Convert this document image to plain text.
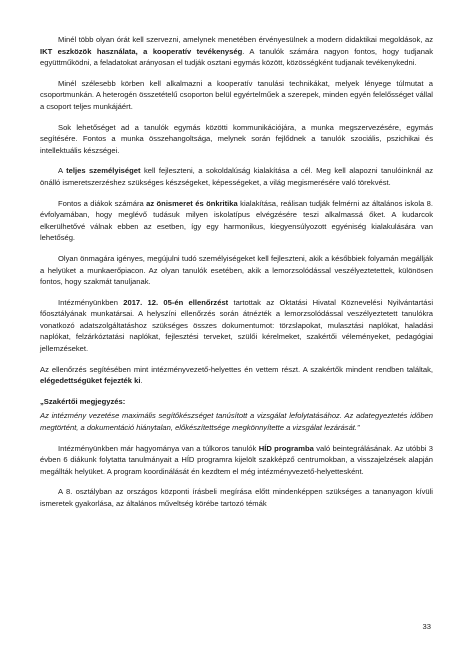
Minél több olyan órát kell szervezni, amelynek menetében érvényesülnek a modern didaktikai megoldások, az IKT eszközök használata, a kooperatív tevékenység. A tanulók számára nagyon fontos, hogy tudjanak együttműködni, a feladatokat arányosan el tudják osztani egymás között, közösségként tudjanak tevékenykedni.

Minél szélesebb körben kell alkalmazni a kooperatív tanulási technikákat, melyek lényege túlmutat a csoportmunkán. A heterogén összetételű csoporton belül egyértelműek a szerepek, minden egyén felelősséget vállal a csoport teljes munkájáért.

Sok lehetőséget ad a tanulók egymás közötti kommunikációjára, a munka megszervezésére, egymás segítésére. Fontos a munka összehangoltsága, melynek során fejlődnek a tanulók szociális, pszichikai és intellektuális készségei.

A teljes személyiséget kell fejleszteni, a sokoldalúság kialakítása a cél. Meg kell alapozni tanulóinknál az önálló ismeretszerzéshez szükséges készségeket, képességeket, a világ megismerésére való törekvést.

Fontos a diákok számára az önismeret és önkritika kialakítása, reálisan tudják felmérni az általános iskola 8. évfolyamában, hogy meglévő tudásuk milyen iskolatípus elvégzésére teszi alkalmassá őket. A kudarcok elkerülhetővé válnak ebben az esetben, így egy harmonikus, kiegyensúlyozott egyéniség kialakulására van lehetőség.

Olyan önmagára igényes, megújulni tudó személyiségeket kell fejleszteni, akik a későbbiek folyamán megállják a helyüket a munkaerőpiacon. Az olyan tanulók esetében, akik a lemorzsolódással veszélyeztetettek, különösen fontos, hogy szakmát tanuljanak.

Intézményünkben 2017. 12. 05-én ellenőrzést tartottak az Oktatási Hivatal Köznevelési Nyilvántartási főosztályának munkatársai. A helyszíni ellenőrzés során átnézték a lemorzsolódással veszélyeztetett tanulókra vonatkozó adatszolgáltatáshoz szükséges összes dokumentumot: törzslapokat, mulasztási naplókat, haladási naplókat, felzárkóztatási naplókat, fejlesztési terveket, szülői kérelmeket, szakértői véleményeket, pedagógiai jellemzéseket.

Az ellenőrzés segítésében mint intézményvezető-helyettes én vettem részt. A szakértők mindent rendben találtak, elégedettségüket fejezték ki.

„Szakértői megjegyzés:

Az intézmény vezetése maximális segítőkészséget tanúsított a vizsgálat lefolytatásához. Az adategyeztetés időben megtörtént, a dokumentáció hiánytalan, előkészítettsége megkönnyítette a vizsgálat lezárását.”

Intézményünkben már hagyománya van a túlkoros tanulók HÍD programba való beintegrálásának. Az utóbbi 3 évben 6 diákunk folytatta tanulmányait a HÍD programra kijelölt szakképző centrumokban, a visszajelzések alapján megállták helyüket. A program koordinálását én kezdtem el még intézményvezető-helyettesként.

A 8. osztályban az országos központi írásbeli megírása előtt mindenképpen szükséges a tananyagon kívüli ismeretek gyakorlása, az általános műveltség körébe tartozó témák

33
